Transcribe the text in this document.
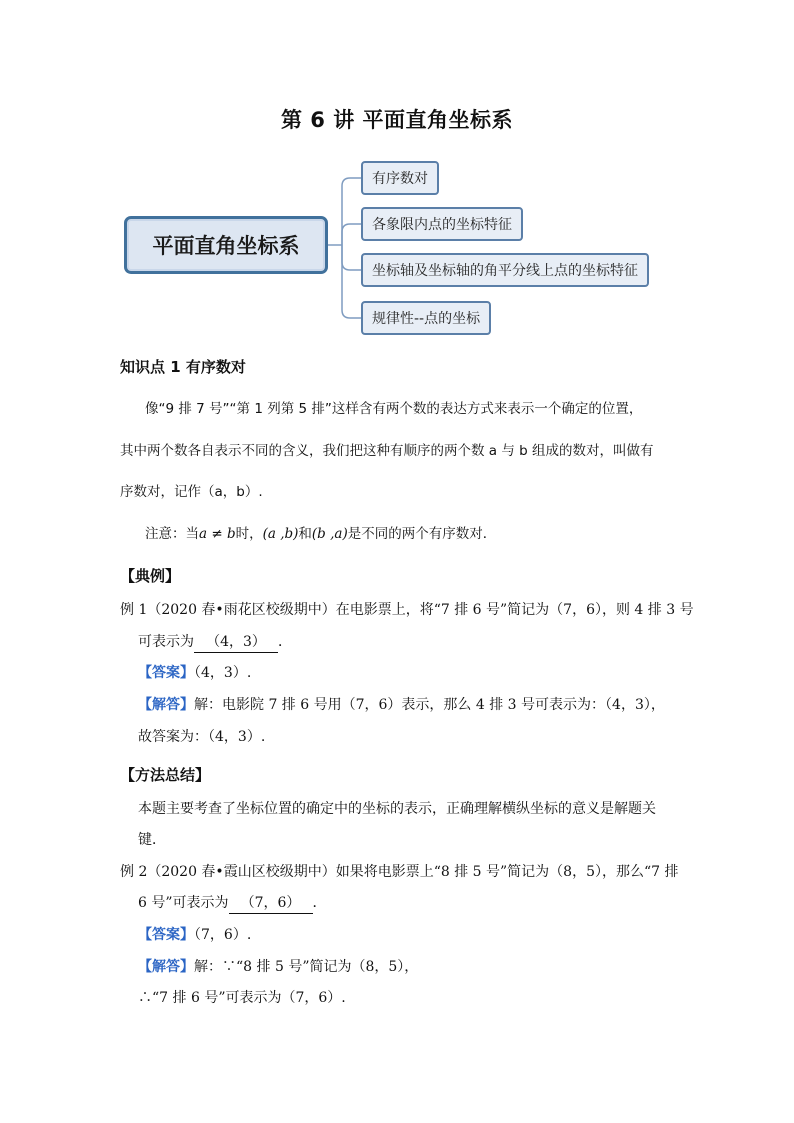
第 6 讲 平面直角坐标系
平面直角坐标系
有序数对
各象限内点的坐标特征
坐标轴及坐标轴的角平分线上点的坐标特征
规律性--点的坐标
知识点 1 有序数对
像“9 排 7 号”“第 1 列第 5 排”这样含有两个数的表达方式来表示一个确定的位置，
其中两个数各自表示不同的含义，我们把这种有顺序的两个数 a 与 b 组成的数对，叫做有
序数对，记作（a，b）.
注意：当a ≠ b时，(a ,b)和(b ,a)是不同的两个有序数对．
【典例】
例 1（2020 春•雨花区校级期中）在电影票上，将“7 排 6 号”简记为（7，6），则 4 排 3 号
可表示为 （4，3） ．
【答案】（4，3）.
【解答】解：电影院 7 排 6 号用（7，6）表示，那么 4 排 3 号可表示为：（4，3），
故答案为：（4，3）.
【方法总结】
本题主要考查了坐标位置的确定中的坐标的表示，正确理解横纵坐标的意义是解题关
键．
例 2（2020 春•霞山区校级期中）如果将电影票上“8 排 5 号”简记为（8，5），那么“7 排
6 号”可表示为 （7，6） ．
【答案】（7，6）.
【解答】解：∵“8 排 5 号”简记为（8，5），
∴“7 排 6 号”可表示为（7，6）.
